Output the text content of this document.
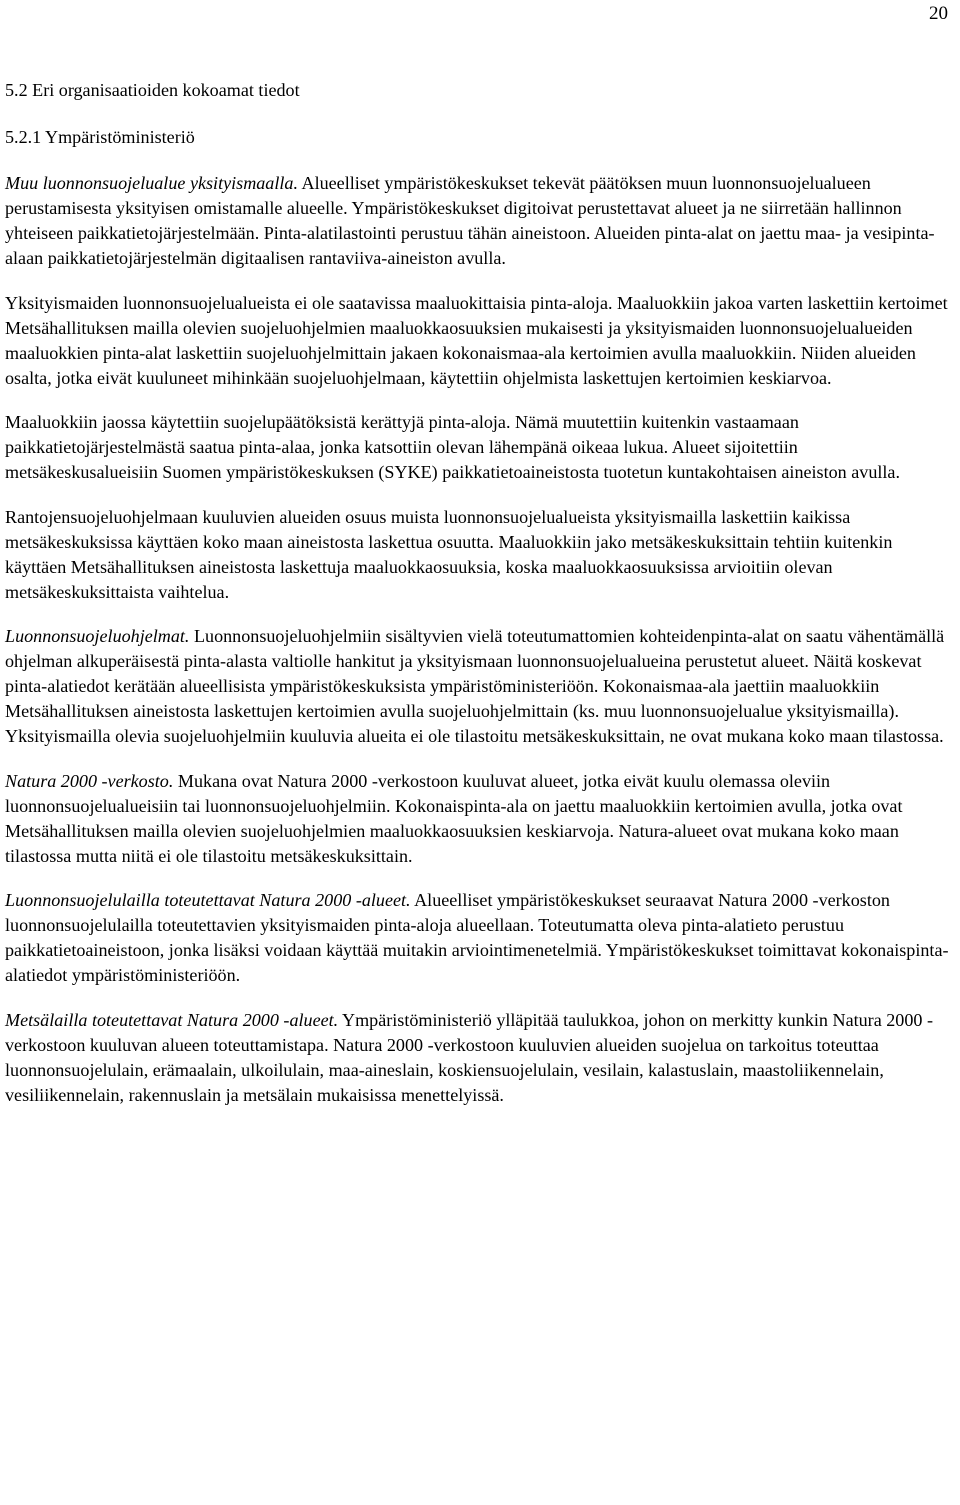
20

5.2 Eri organisaatioiden kokoamat tiedot

5.2.1 Ympäristöministeriö

Muu luonnonsuojelualue yksityismaalla. Alueelliset ympäristökeskukset tekevät päätöksen muun luonnonsuojelualueen perustamisesta yksityisen omistamalle alueelle. Ympäristökeskukset digitoivat perustettavat alueet ja ne siirretään hallinnon yhteiseen paikkatietojärjestelmään. Pinta-alatilastointi perustuu tähän aineistoon. Alueiden pinta-alat on jaettu maa- ja vesipinta-alaan paikkatietojärjestelmän digitaalisen rantaviiva-aineiston avulla.

Yksityismaiden luonnonsuojelualueista ei ole saatavissa maaluokittaisia pinta-aloja. Maaluokkiin jakoa varten laskettiin kertoimet Metsähallituksen mailla olevien suojeluohjelmien maaluokkaosuuksien mukaisesti ja yksityismaiden luonnonsuojelualueiden maaluokkien pinta-alat laskettiin suojeluohjelmittain jakaen kokonaismaa-ala kertoimien avulla maaluokkiin. Niiden alueiden osalta, jotka eivät kuuluneet mihinkään suojeluohjelmaan, käytettiin ohjelmista laskettujen kertoimien keskiarvoa.

Maaluokkiin jaossa käytettiin suojelupäätöksistä kerättyjä pinta-aloja. Nämä muutettiin kuitenkin vastaamaan paikkatietojärjestelmästä saatua pinta-alaa, jonka katsottiin olevan lähempänä oikeaa lukua. Alueet sijoitettiin metsäkeskusalueisiin Suomen ympäristökeskuksen (SYKE) paikkatietoaineistosta tuotetun kuntakohtaisen aineiston avulla.

Rantojensuojeluohjelmaan kuuluvien alueiden osuus muista luonnonsuojelualueista yksityismailla laskettiin kaikissa metsäkeskuksissa käyttäen koko maan aineistosta laskettua osuutta. Maaluokkiin jako metsäkeskuksittain tehtiin kuitenkin käyttäen Metsähallituksen aineistosta laskettuja maaluokkaosuuksia, koska maaluokkaosuuksissa arvioitiin olevan metsäkeskuksittaista vaihtelua.

Luonnonsuojeluohjelmat. Luonnonsuojeluohjelmiin sisältyvien vielä toteutumattomien kohteidenpinta-alat on saatu vähentämällä ohjelman alkuperäisestä pinta-alasta valtiolle hankitut ja yksityismaan luonnonsuojelualueina perustetut alueet. Näitä koskevat pinta-alatiedot kerätään alueellisista ympäristökeskuksista ympäristöministeriöön. Kokonaismaa-ala jaettiin maaluokkiin Metsähallituksen aineistosta laskettujen kertoimien avulla suojeluohjelmittain (ks. muu luonnonsuojelualue yksityismailla). Yksityismailla olevia suojeluohjelmiin kuuluvia alueita ei ole tilastoitu metsäkeskuksittain, ne ovat mukana koko maan tilastossa.

Natura 2000 -verkosto. Mukana ovat Natura 2000 -verkostoon kuuluvat alueet, jotka eivät kuulu olemassa oleviin luonnonsuojelualueisiin tai luonnonsuojeluohjelmiin. Kokonaispinta-ala on jaettu maaluokkiin kertoimien avulla, jotka ovat Metsähallituksen mailla olevien suojeluohjelmien maaluokkaosuuksien keskiarvoja. Natura-alueet ovat mukana koko maan tilastossa mutta niitä ei ole tilastoitu metsäkeskuksittain.

Luonnonsuojelulailla toteutettavat Natura 2000 -alueet. Alueelliset ympäristökeskukset seuraavat Natura 2000 -verkoston luonnonsuojelulailla toteutettavien yksityismaiden pinta-aloja alueellaan. Toteutumatta oleva pinta-alatieto perustuu paikkatietoaineistoon, jonka lisäksi voidaan käyttää muitakin arviointimenetelmiä. Ympäristökeskukset toimittavat kokonaispinta-alatiedot ympäristöministeriöön.

Metsälailla toteutettavat Natura 2000 -alueet. Ympäristöministeriö ylläpitää taulukkoa, johon on merkitty kunkin Natura 2000 -verkostoon kuuluvan alueen toteuttamistapa. Natura 2000 -verkostoon kuuluvien alueiden suojelua on tarkoitus toteuttaa luonnonsuojelulain, erämaalain, ulkoilulain, maa-aineslain, koskiensuojelulain, vesilain, kalastuslain, maastoliikennelain, vesiliikennelain, rakennuslain ja metsälain mukaisissa menettelyissä.
